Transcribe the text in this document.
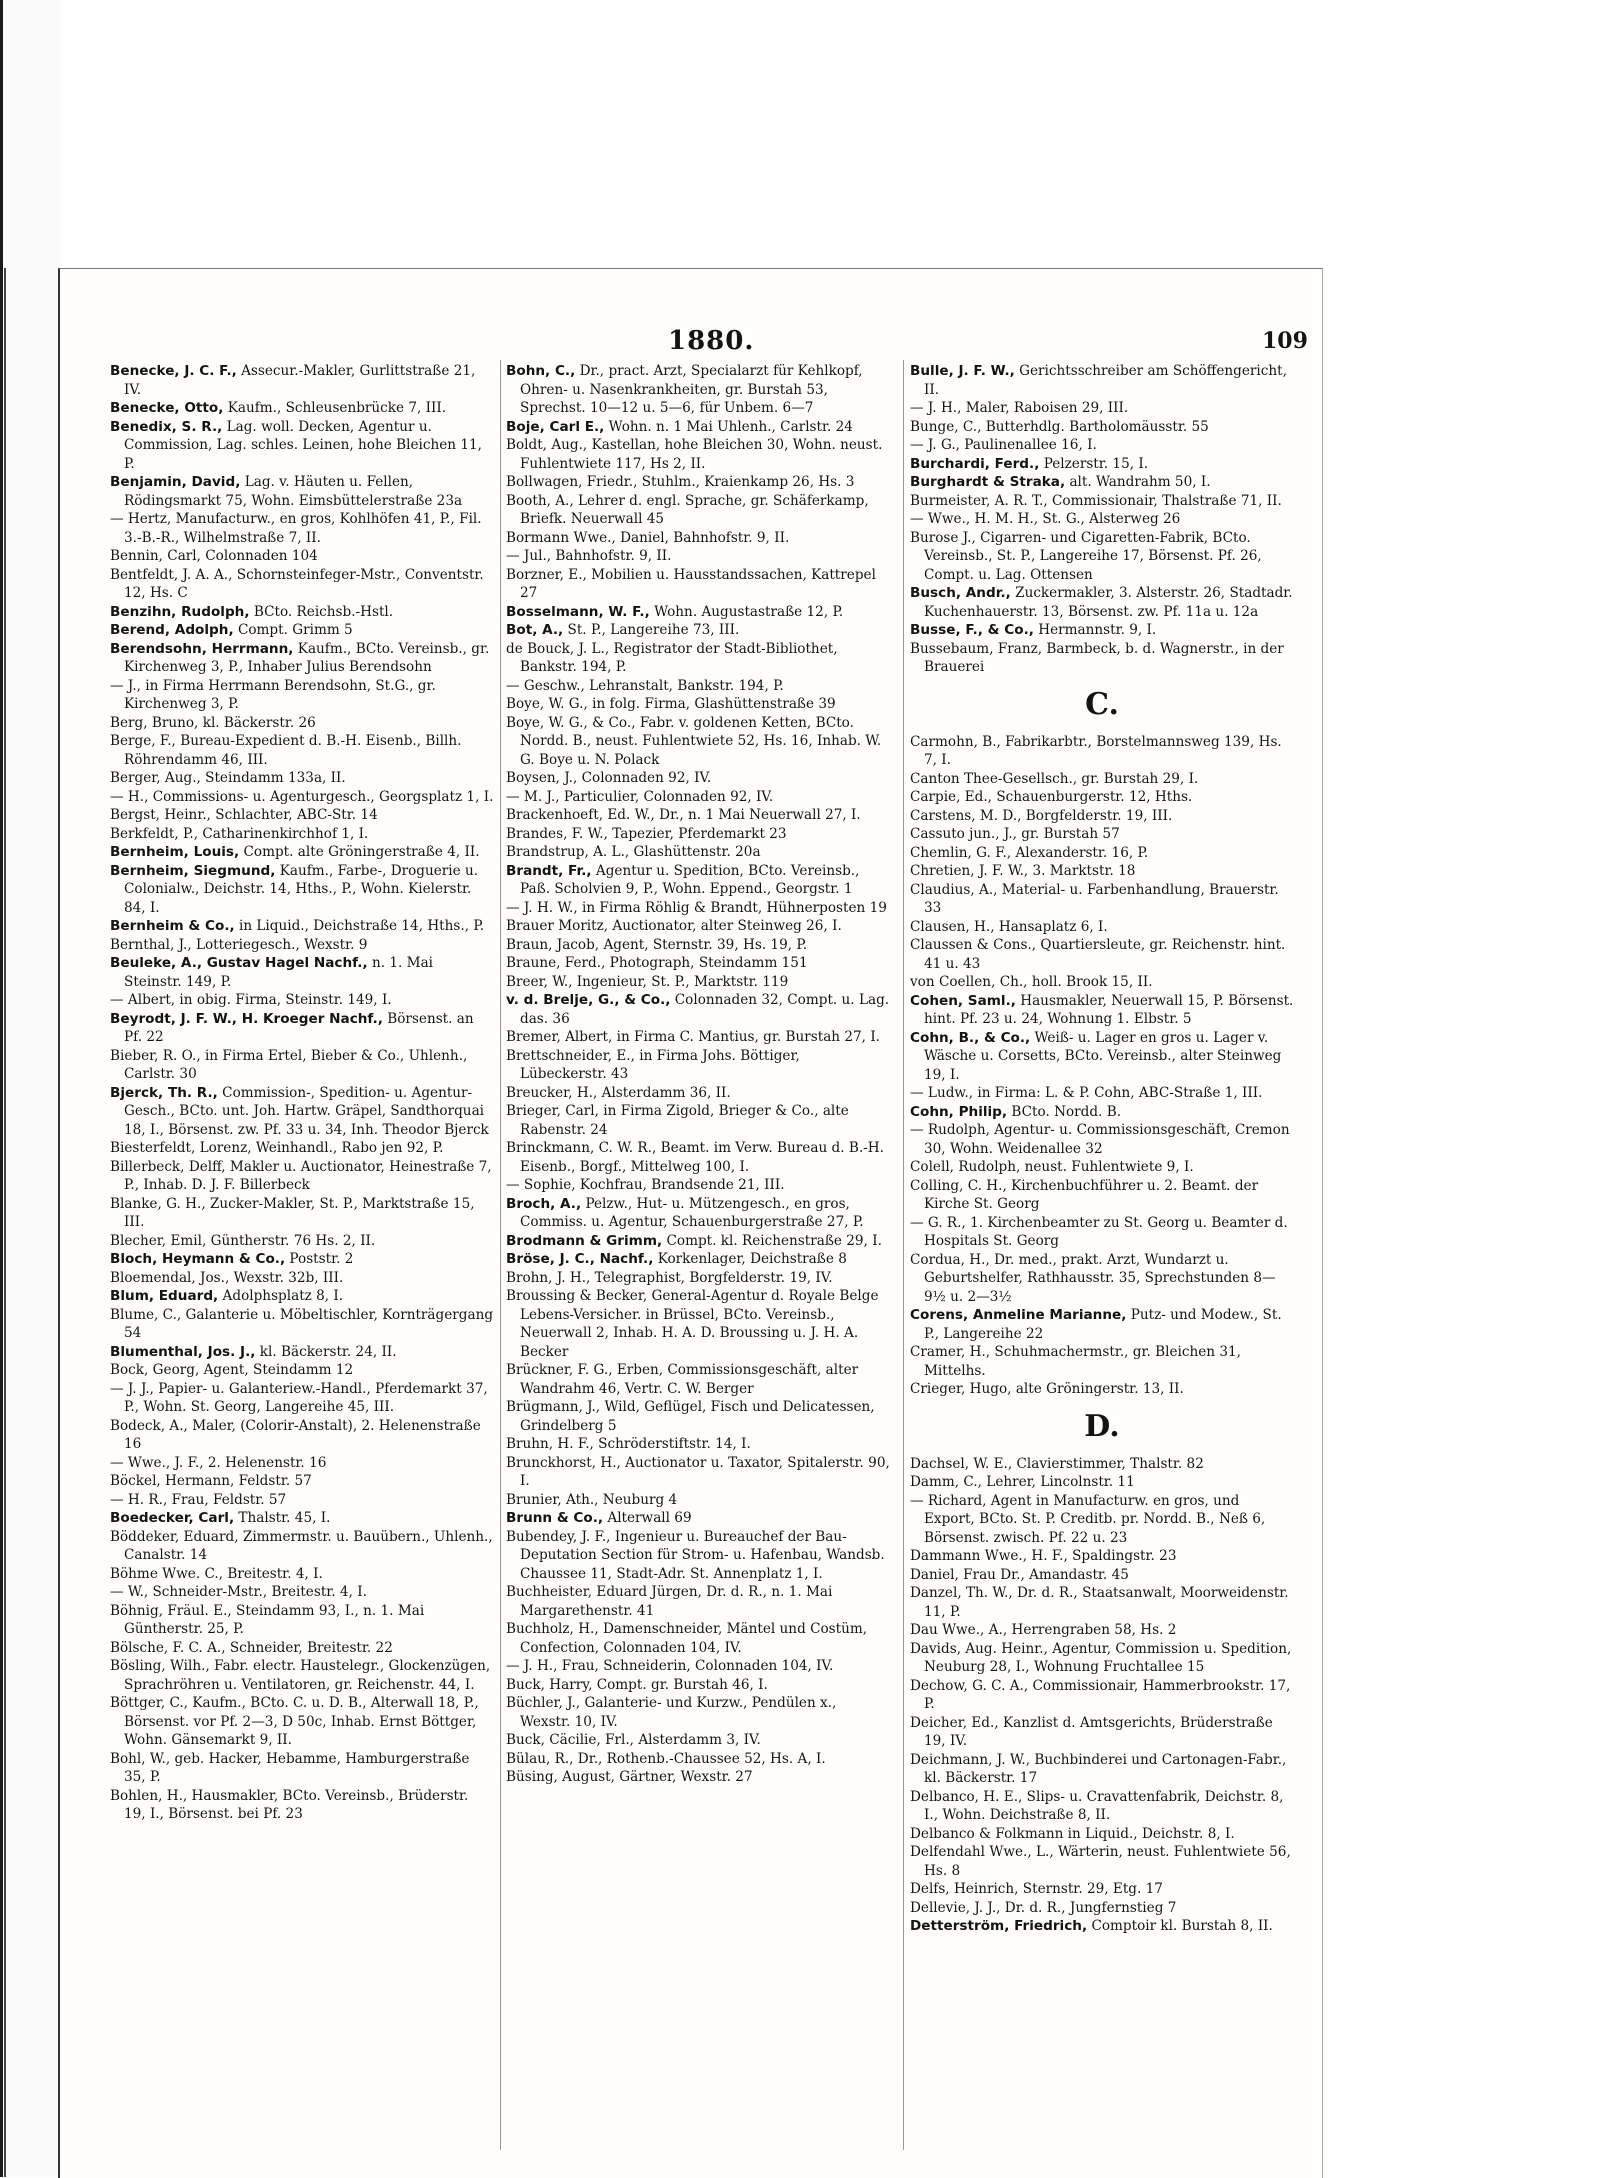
1880.	109

Benecke, J. C. F., Assecur.-Makler, Gurlittstraße 21, IV.

Benecke, Otto, Kaufm., Schleusenbrücke 7, III.

Benedix, S. R., Lag. woll. Decken, Agentur u. Commission, Lag. schles. Leinen, hohe Bleichen 11, P.

Benjamin, David, Lag. v. Häuten u. Fellen, Rödingsmarkt 75, Wohn. Eimsbüttelerstraße 23a

— Hertz, Manufacturw., en gros, Kohlhöfen 41, P., Fil. 3.-B.-R., Wilhelmstraße 7, II.

Bennin, Carl, Colonnaden 104

Bentfeldt, J. A. A., Schornsteinfeger-Mstr., Conventstr. 12, Hs. C

Benzihn, Rudolph, BCto. Reichsb.-Hstl.

Berend, Adolph, Compt. Grimm 5

Berendsohn, Herrmann, Kaufm., BCto. Vereinsb., gr. Kirchenweg 3, P., Inhaber Julius Berendsohn

— J., in Firma Herrmann Berendsohn, St.G., gr. Kirchenweg 3, P.

Berg, Bruno, kl. Bäckerstr. 26

Berge, F., Bureau-Expedient d. B.-H. Eisenb., Billh. Röhrendamm 46, III.

Berger, Aug., Steindamm 133a, II.

— H., Commissions- u. Agenturgesch., Georgsplatz 1, I.

Bergst, Heinr., Schlachter, ABC-Str. 14

Berkfeldt, P., Catharinenkirchhof 1, I.

Bernheim, Louis, Compt. alte Gröningerstraße 4, II.

Bernheim, Siegmund, Kaufm., Farbe-, Droguerie u. Colonialw., Deichstr. 14, Hths., P., Wohn. Kielerstr. 84, I.

Bernheim & Co., in Liquid., Deichstraße 14, Hths., P.

Bernthal, J., Lotteriegesch., Wexstr. 9

Beuleke, A., Gustav Hagel Nachf., n. 1. Mai Steinstr. 149, P.

— Albert, in obig. Firma, Steinstr. 149, I.

Beyrodt, J. F. W., H. Kroeger Nachf., Börsenst. an Pf. 22

Bieber, R. O., in Firma Ertel, Bieber & Co., Uhlenh., Carlstr. 30

Bjerck, Th. R., Commission-, Spedition- u. Agentur-Gesch., BCto. unt. Joh. Hartw. Gräpel, Sandthorquai 18, I., Börsenst. zw. Pf. 33 u. 34, Inh. Theodor Bjerck

Biesterfeldt, Lorenz, Weinhandl., Rabo jen 92, P.

Billerbeck, Delff, Makler u. Auctionator, Heinestraße 7, P., Inhab. D. J. F. Billerbeck

Blanke, G. H., Zucker-Makler, St. P., Marktstraße 15, III.

Blecher, Emil, Güntherstr. 76 Hs. 2, II.

Bloch, Heymann & Co., Poststr. 2

Bloemendal, Jos., Wexstr. 32b, III.

Blum, Eduard, Adolphsplatz 8, I.

Blume, C., Galanterie u. Möbeltischler, Kornträgergang 54

Blumenthal, Jos. J., kl. Bäckerstr. 24, II.

Bock, Georg, Agent, Steindamm 12

— J. J., Papier- u. Galanteriew.-Handl., Pferdemarkt 37, P., Wohn. St. Georg, Langereihe 45, III.

Bodeck, A., Maler, (Colorir-Anstalt), 2. Helenenstraße 16

— Wwe., J. F., 2. Helenenstr. 16

Böckel, Hermann, Feldstr. 57

— H. R., Frau, Feldstr. 57

Boedecker, Carl, Thalstr. 45, I.

Böddeker, Eduard, Zimmermstr. u. Bauübern., Uhlenh., Canalstr. 14

Böhme Wwe. C., Breitestr. 4, I.

— W., Schneider-Mstr., Breitestr. 4, I.

Böhnig, Fräul. E., Steindamm 93, I., n. 1. Mai Güntherstr. 25, P.

Bölsche, F. C. A., Schneider, Breitestr. 22

Bösling, Wilh., Fabr. electr. Haustelegr., Glockenzügen, Sprachröhren u. Ventilatoren, gr. Reichenstr. 44, I.

Böttger, C., Kaufm., BCto. C. u. D. B., Alterwall 18, P., Börsenst. vor Pf. 2—3, D 50c, Inhab. Ernst Böttger, Wohn. Gänsemarkt 9, II.

Bohl, W., geb. Hacker, Hebamme, Hamburgerstraße 35, P.

Bohlen, H., Hausmakler, BCto. Vereinsb., Brüderstr. 19, I., Börsenst. bei Pf. 23

Bohn, C., Dr., pract. Arzt, Specialarzt für Kehlkopf, Ohren- u. Nasenkrankheiten, gr. Burstah 53, Sprechst. 10—12 u. 5—6, für Unbem. 6—7

Boje, Carl E., Wohn. n. 1 Mai Uhlenh., Carlstr. 24

Boldt, Aug., Kastellan, hohe Bleichen 30, Wohn. neust. Fuhlentwiete 117, Hs 2, II.

Bollwagen, Friedr., Stuhlm., Kraienkamp 26, Hs. 3

Booth, A., Lehrer d. engl. Sprache, gr. Schäferkamp, Briefk. Neuerwall 45

Bormann Wwe., Daniel, Bahnhofstr. 9, II.

— Jul., Bahnhofstr. 9, II.

Borzner, E., Mobilien u. Hausstandssachen, Kattrepel 27

Bosselmann, W. F., Wohn. Augustastraße 12, P.

Bot, A., St. P., Langereihe 73, III.

de Bouck, J. L., Registrator der Stadt-Bibliothet, Bankstr. 194, P.

— Geschw., Lehranstalt, Bankstr. 194, P.

Boye, W. G., in folg. Firma, Glashüttenstraße 39

Boye, W. G., & Co., Fabr. v. goldenen Ketten, BCto. Nordd. B., neust. Fuhlentwiete 52, Hs. 16, Inhab. W. G. Boye u. N. Polack

Boysen, J., Colonnaden 92, IV.

— M. J., Particulier, Colonnaden 92, IV.

Brackenhoeft, Ed. W., Dr., n. 1 Mai Neuerwall 27, I.

Brandes, F. W., Tapezier, Pferdemarkt 23

Brandstrup, A. L., Glashüttenstr. 20a

Brandt, Fr., Agentur u. Spedition, BCto. Vereinsb., Paß. Scholvien 9, P., Wohn. Eppend., Georgstr. 1

— J. H. W., in Firma Röhlig & Brandt, Hühnerposten 19

Brauer Moritz, Auctionator, alter Steinweg 26, I.

Braun, Jacob, Agent, Sternstr. 39, Hs. 19, P.

Braune, Ferd., Photograph, Steindamm 151

Breer, W., Ingenieur, St. P., Marktstr. 119

v. d. Brelje, G., & Co., Colonnaden 32, Compt. u. Lag. das. 36

Bremer, Albert, in Firma C. Mantius, gr. Burstah 27, I.

Brettschneider, E., in Firma Johs. Böttiger, Lübeckerstr. 43

Breucker, H., Alsterdamm 36, II.

Brieger, Carl, in Firma Zigold, Brieger & Co., alte Rabenstr. 24

Brinckmann, C. W. R., Beamt. im Verw. Bureau d. B.-H. Eisenb., Borgf., Mittelweg 100, I.

— Sophie, Kochfrau, Brandsende 21, III.

Broch, A., Pelzw., Hut- u. Mützengesch., en gros, Commiss. u. Agentur, Schauenburgerstraße 27, P.

Brodmann & Grimm, Compt. kl. Reichenstraße 29, I.

Bröse, J. C., Nachf., Korkenlager, Deichstraße 8

Brohn, J. H., Telegraphist, Borgfelderstr. 19, IV.

Broussing & Becker, General-Agentur d. Royale Belge Lebens-Versicher. in Brüssel, BCto. Vereinsb., Neuerwall 2, Inhab. H. A. D. Broussing u. J. H. A. Becker

Brückner, F. G., Erben, Commissionsgeschäft, alter Wandrahm 46, Vertr. C. W. Berger

Brügmann, J., Wild, Geflügel, Fisch und Delicatessen, Grindelberg 5

Bruhn, H. F., Schröderstiftstr. 14, I.

Brunckhorst, H., Auctionator u. Taxator, Spitalerstr. 90, I.

Brunier, Ath., Neuburg 4

Brunn & Co., Alterwall 69

Bubendey, J. F., Ingenieur u. Bureauchef der Bau-Deputation Section für Strom- u. Hafenbau, Wandsb. Chaussee 11, Stadt-Adr. St. Annenplatz 1, I.

Buchheister, Eduard Jürgen, Dr. d. R., n. 1. Mai Margarethenstr. 41

Buchholz, H., Damenschneider, Mäntel und Costüm, Confection, Colonnaden 104, IV.

— J. H., Frau, Schneiderin, Colonnaden 104, IV.

Buck, Harry, Compt. gr. Burstah 46, I.

Büchler, J., Galanterie- und Kurzw., Pendülen x., Wexstr. 10, IV.

Buck, Cäcilie, Frl., Alsterdamm 3, IV.

Bülau, R., Dr., Rothenb.-Chaussee 52, Hs. A, I.

Büsing, August, Gärtner, Wexstr. 27

Bulle, J. F. W., Gerichtsschreiber am Schöffengericht, II.

— J. H., Maler, Raboisen 29, III.

Bunge, C., Butterhdlg. Bartholomäusstr. 55

— J. G., Paulinenallee 16, I.

Burchardi, Ferd., Pelzerstr. 15, I.

Burghardt & Straka, alt. Wandrahm 50, I.

Burmeister, A. R. T., Commissionair, Thalstraße 71, II.

— Wwe., H. M. H., St. G., Alsterweg 26

Burose J., Cigarren- und Cigaretten-Fabrik, BCto. Vereinsb., St. P., Langereihe 17, Börsenst. Pf. 26, Compt. u. Lag. Ottensen

Busch, Andr., Zuckermakler, 3. Alsterstr. 26, Stadtadr. Kuchenhauerstr. 13, Börsenst. zw. Pf. 11a u. 12a

Busse, F., & Co., Hermannstr. 9, I.

Bussebaum, Franz, Barmbeck, b. d. Wagnerstr., in der Brauerei

C.

Carmohn, B., Fabrikarbtr., Borstelmannsweg 139, Hs. 7, I.

Canton Thee-Gesellsch., gr. Burstah 29, I.

Carpie, Ed., Schauenburgerstr. 12, Hths.

Carstens, M. D., Borgfelderstr. 19, III.

Cassuto jun., J., gr. Burstah 57

Chemlin, G. F., Alexanderstr. 16, P.

Chretien, J. F. W., 3. Marktstr. 18

Claudius, A., Material- u. Farbenhandlung, Brauerstr. 33

Clausen, H., Hansaplatz 6, I.

Claussen & Cons., Quartiersleute, gr. Reichenstr. hint. 41 u. 43

von Coellen, Ch., holl. Brook 15, II.

Cohen, Saml., Hausmakler, Neuerwall 15, P. Börsenst. hint. Pf. 23 u. 24, Wohnung 1. Elbstr. 5

Cohn, B., & Co., Weiß- u. Lager en gros u. Lager v. Wäsche u. Corsetts, BCto. Vereinsb., alter Steinweg 19, I.

— Ludw., in Firma: L. & P. Cohn, ABC-Straße 1, III.

Cohn, Philip, BCto. Nordd. B.

— Rudolph, Agentur- u. Commissionsgeschäft, Cremon 30, Wohn. Weidenallee 32

Colell, Rudolph, neust. Fuhlentwiete 9, I.

Colling, C. H., Kirchenbuchführer u. 2. Beamt. der Kirche St. Georg

— G. R., 1. Kirchenbeamter zu St. Georg u. Beamter d. Hospitals St. Georg

Cordua, H., Dr. med., prakt. Arzt, Wundarzt u. Geburtshelfer, Rathhausstr. 35, Sprechstunden 8—9½ u. 2—3½

Corens, Anmeline Marianne, Putz- und Modew., St. P., Langereihe 22

Cramer, H., Schuhmachermstr., gr. Bleichen 31, Mittelhs.

Crieger, Hugo, alte Gröningerstr. 13, II.

D.

Dachsel, W. E., Clavierstimmer, Thalstr. 82

Damm, C., Lehrer, Lincolnstr. 11

— Richard, Agent in Manufacturw. en gros, und Export, BCto. St. P. Creditb. pr. Nordd. B., Neß 6, Börsenst. zwisch. Pf. 22 u. 23

Dammann Wwe., H. F., Spaldingstr. 23

Daniel, Frau Dr., Amandastr. 45

Danzel, Th. W., Dr. d. R., Staatsanwalt, Moorweidenstr. 11, P.

Dau Wwe., A., Herrengraben 58, Hs. 2

Davids, Aug. Heinr., Agentur, Commission u. Spedition, Neuburg 28, I., Wohnung Fruchtallee 15

Dechow, G. C. A., Commissionair, Hammerbrookstr. 17, P.

Deicher, Ed., Kanzlist d. Amtsgerichts, Brüderstraße 19, IV.

Deichmann, J. W., Buchbinderei und Cartonagen-Fabr., kl. Bäckerstr. 17

Delbanco, H. E., Slips- u. Cravattenfabrik, Deichstr. 8, I., Wohn. Deichstraße 8, II.

Delbanco & Folkmann in Liquid., Deichstr. 8, I.

Delfendahl Wwe., L., Wärterin, neust. Fuhlentwiete 56, Hs. 8

Delfs, Heinrich, Sternstr. 29, Etg. 17

Dellevie, J. J., Dr. d. R., Jungfernstieg 7

Detterström, Friedrich, Comptoir kl. Burstah 8, II.
